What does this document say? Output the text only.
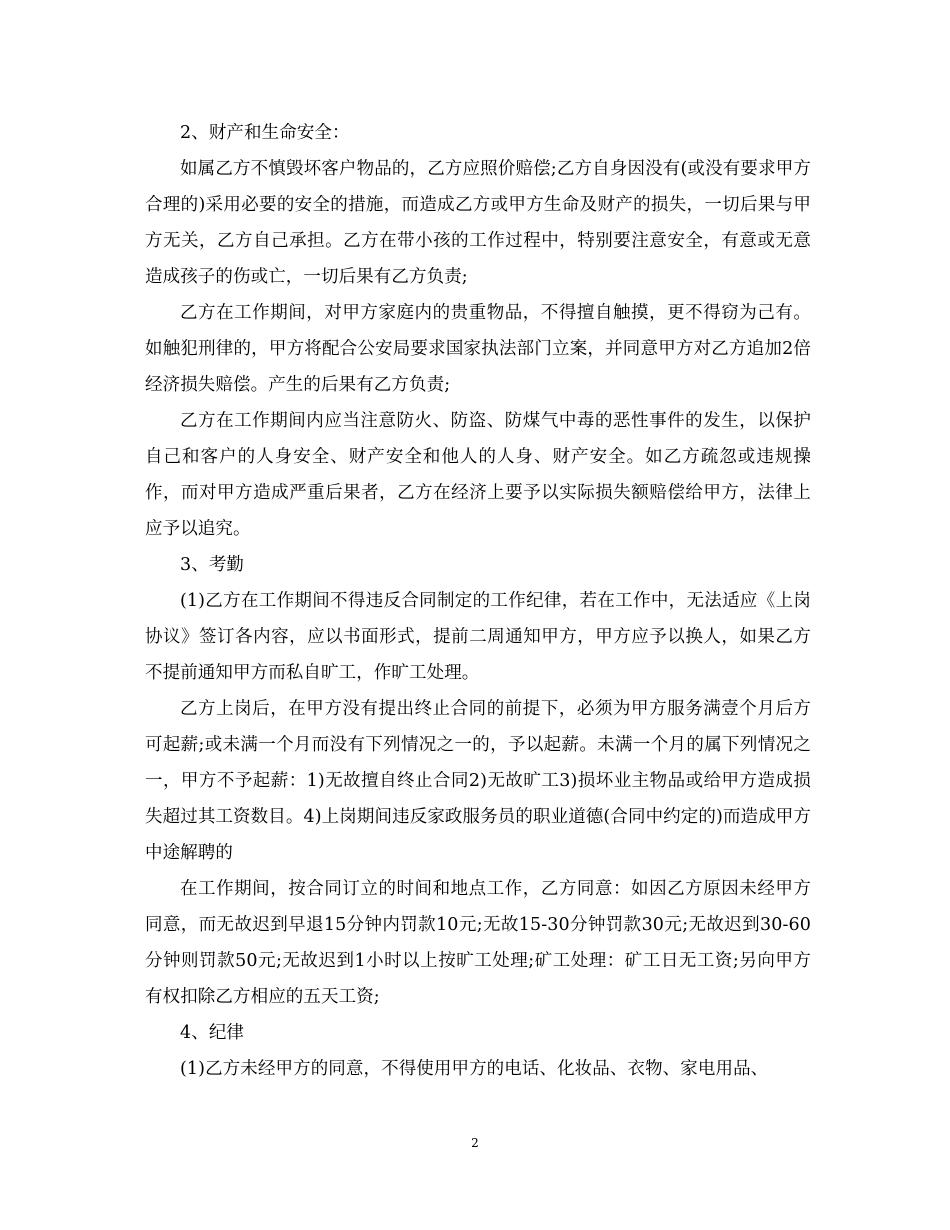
2、财产和生命安全：

如属乙方不慎毁坏客户物品的，乙方应照价赔偿;乙方自身因没有(或没有要求甲方合理的)采用必要的安全的措施，而造成乙方或甲方生命及财产的损失，一切后果与甲方无关，乙方自己承担。乙方在带小孩的工作过程中，特别要注意安全，有意或无意造成孩子的伤或亡，一切后果有乙方负责;

乙方在工作期间，对甲方家庭内的贵重物品，不得擅自触摸，更不得窃为己有。如触犯刑律的，甲方将配合公安局要求国家执法部门立案，并同意甲方对乙方追加2倍经济损失赔偿。产生的后果有乙方负责;

乙方在工作期间内应当注意防火、防盗、防煤气中毒的恶性事件的发生，以保护自己和客户的人身安全、财产安全和他人的人身、财产安全。如乙方疏忽或违规操作，而对甲方造成严重后果者，乙方在经济上要予以实际损失额赔偿给甲方，法律上应予以追究。

3、考勤

(1)乙方在工作期间不得违反合同制定的工作纪律，若在工作中，无法适应《上岗协议》签订各内容，应以书面形式，提前二周通知甲方，甲方应予以换人，如果乙方不提前通知甲方而私自旷工，作旷工处理。

乙方上岗后，在甲方没有提出终止合同的前提下，必须为甲方服务满壹个月后方可起薪;或未满一个月而没有下列情况之一的，予以起薪。未满一个月的属下列情况之一，甲方不予起薪：1)无故擅自终止合同2)无故旷工3)损坏业主物品或给甲方造成损失超过其工资数目。4)上岗期间违反家政服务员的职业道德(合同中约定的)而造成甲方中途解聘的

在工作期间，按合同订立的时间和地点工作，乙方同意：如因乙方原因未经甲方同意，而无故迟到早退15分钟内罚款10元;无故15-30分钟罚款30元;无故迟到30-60分钟则罚款50元;无故迟到1小时以上按旷工处理;矿工处理：矿工日无工资;另向甲方有权扣除乙方相应的五天工资;

4、纪律

(1)乙方未经甲方的同意，不得使用甲方的电话、化妆品、衣物、家电用品、

2
